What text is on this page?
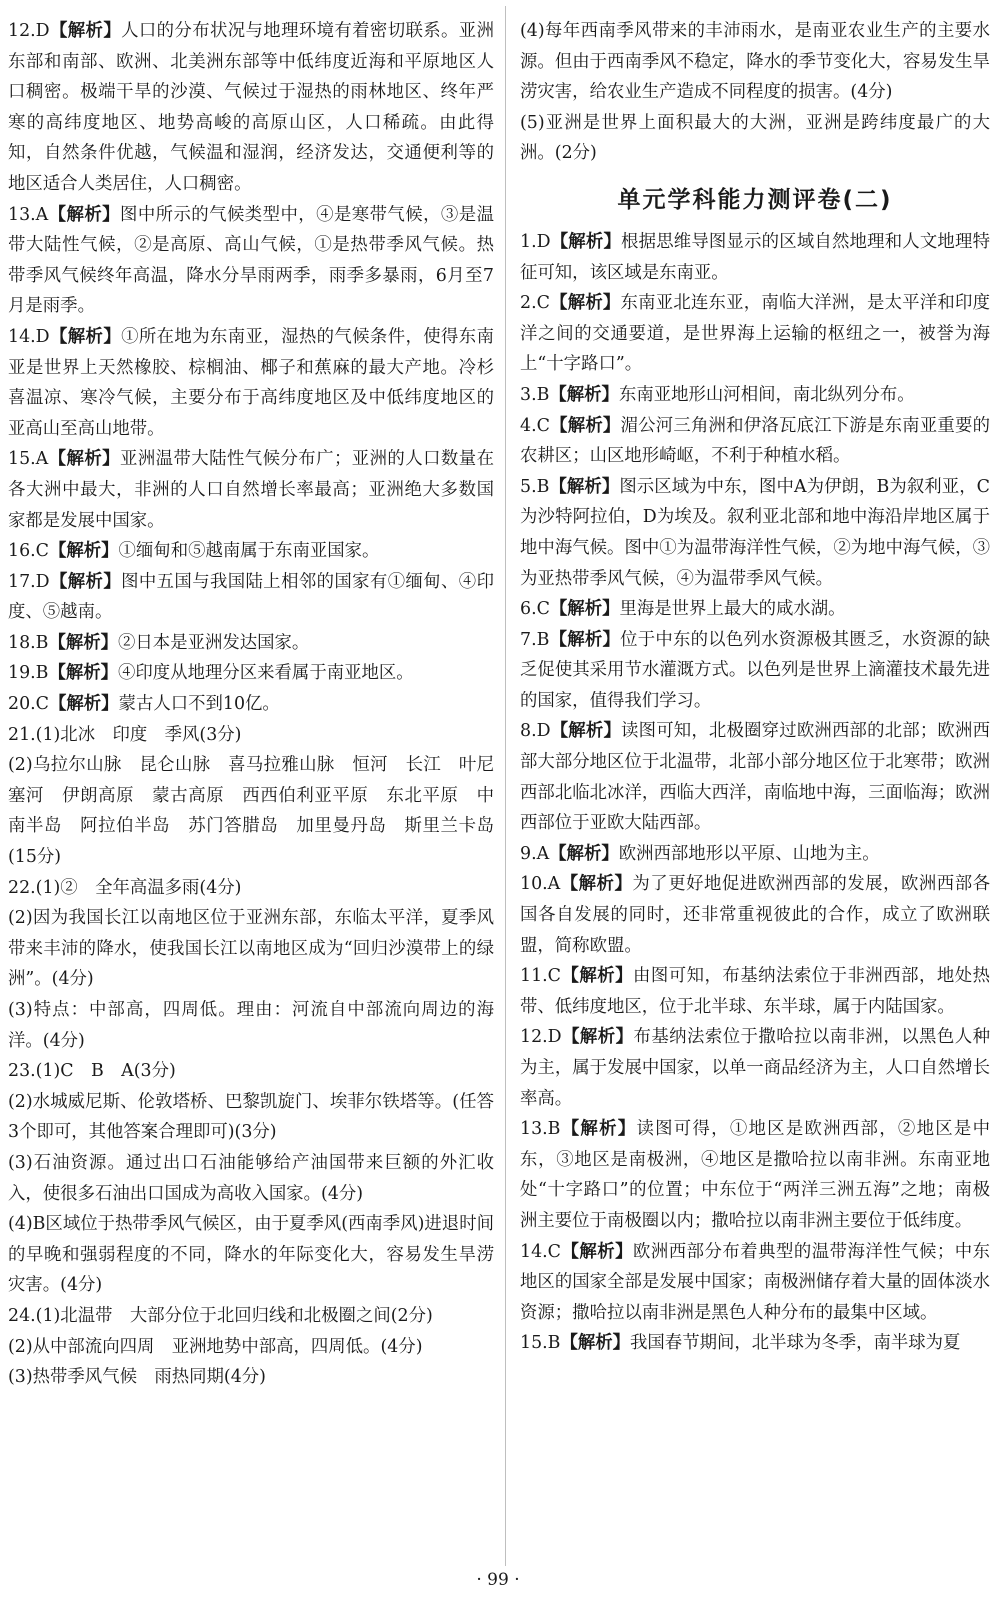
12.D【解析】人口的分布状况与地理环境有着密切联系。亚洲东部和南部、欧洲、北美洲东部等中低纬度近海和平原地区人口稠密。极端干旱的沙漠、气候过于湿热的雨林地区、终年严寒的高纬度地区、地势高峻的高原山区，人口稀疏。由此得知，自然条件优越，气候温和湿润，经济发达，交通便利等的地区适合人类居住，人口稠密。

13.A【解析】图中所示的气候类型中，④是寒带气候，③是温带大陆性气候，②是高原、高山气候，①是热带季风气候。热带季风气候终年高温，降水分旱雨两季，雨季多暴雨，6月至7月是雨季。

14.D【解析】①所在地为东南亚，湿热的气候条件，使得东南亚是世界上天然橡胶、棕榈油、椰子和蕉麻的最大产地。冷杉喜温凉、寒冷气候，主要分布于高纬度地区及中低纬度地区的亚高山至高山地带。

15.A【解析】亚洲温带大陆性气候分布广；亚洲的人口数量在各大洲中最大，非洲的人口自然增长率最高；亚洲绝大多数国家都是发展中国家。

16.C【解析】①缅甸和⑤越南属于东南亚国家。

17.D【解析】图中五国与我国陆上相邻的国家有①缅甸、④印度、⑤越南。

18.B【解析】②日本是亚洲发达国家。

19.B【解析】④印度从地理分区来看属于南亚地区。

20.C【解析】蒙古人口不到10亿。

21.(1)北冰　印度　季风(3分)

(2)乌拉尔山脉　昆仑山脉　喜马拉雅山脉　恒河　长江　叶尼塞河　伊朗高原　蒙古高原　西西伯利亚平原　东北平原　中南半岛　阿拉伯半岛　苏门答腊岛　加里曼丹岛　斯里兰卡岛(15分)

22.(1)②　全年高温多雨(4分)

(2)因为我国长江以南地区位于亚洲东部，东临太平洋，夏季风带来丰沛的降水，使我国长江以南地区成为“回归沙漠带上的绿洲”。(4分)

(3)特点：中部高，四周低。理由：河流自中部流向周边的海洋。(4分)

23.(1)C　B　A(3分)

(2)水城威尼斯、伦敦塔桥、巴黎凯旋门、埃菲尔铁塔等。(任答3个即可，其他答案合理即可)(3分)

(3)石油资源。通过出口石油能够给产油国带来巨额的外汇收入，使很多石油出口国成为高收入国家。(4分)

(4)B区域位于热带季风气候区，由于夏季风(西南季风)进退时间的早晚和强弱程度的不同，降水的年际变化大，容易发生旱涝灾害。(4分)

24.(1)北温带　大部分位于北回归线和北极圈之间(2分)

(2)从中部流向四周　亚洲地势中部高，四周低。(4分)

(3)热带季风气候　雨热同期(4分)

(4)每年西南季风带来的丰沛雨水，是南亚农业生产的主要水源。但由于西南季风不稳定，降水的季节变化大，容易发生旱涝灾害，给农业生产造成不同程度的损害。(4分)

(5)亚洲是世界上面积最大的大洲，亚洲是跨纬度最广的大洲。(2分)

单元学科能力测评卷(二)

1.D【解析】根据思维导图显示的区域自然地理和人文地理特征可知，该区域是东南亚。

2.C【解析】东南亚北连东亚，南临大洋洲，是太平洋和印度洋之间的交通要道，是世界海上运输的枢纽之一，被誉为海上“十字路口”。

3.B【解析】东南亚地形山河相间，南北纵列分布。

4.C【解析】湄公河三角洲和伊洛瓦底江下游是东南亚重要的农耕区；山区地形崎岖，不利于种植水稻。

5.B【解析】图示区域为中东，图中A为伊朗，B为叙利亚，C为沙特阿拉伯，D为埃及。叙利亚北部和地中海沿岸地区属于地中海气候。图中①为温带海洋性气候，②为地中海气候，③为亚热带季风气候，④为温带季风气候。

6.C【解析】里海是世界上最大的咸水湖。

7.B【解析】位于中东的以色列水资源极其匮乏，水资源的缺乏促使其采用节水灌溉方式。以色列是世界上滴灌技术最先进的国家，值得我们学习。

8.D【解析】读图可知，北极圈穿过欧洲西部的北部；欧洲西部大部分地区位于北温带，北部小部分地区位于北寒带；欧洲西部北临北冰洋，西临大西洋，南临地中海，三面临海；欧洲西部位于亚欧大陆西部。

9.A【解析】欧洲西部地形以平原、山地为主。

10.A【解析】为了更好地促进欧洲西部的发展，欧洲西部各国各自发展的同时，还非常重视彼此的合作，成立了欧洲联盟，简称欧盟。

11.C【解析】由图可知，布基纳法索位于非洲西部，地处热带、低纬度地区，位于北半球、东半球，属于内陆国家。

12.D【解析】布基纳法索位于撒哈拉以南非洲，以黑色人种为主，属于发展中国家，以单一商品经济为主，人口自然增长率高。

13.B【解析】读图可得，①地区是欧洲西部，②地区是中东，③地区是南极洲，④地区是撒哈拉以南非洲。东南亚地处“十字路口”的位置；中东位于“两洋三洲五海”之地；南极洲主要位于南极圈以内；撒哈拉以南非洲主要位于低纬度。

14.C【解析】欧洲西部分布着典型的温带海洋性气候；中东地区的国家全部是发展中国家；南极洲储存着大量的固体淡水资源；撒哈拉以南非洲是黑色人种分布的最集中区域。

15.B【解析】我国春节期间，北半球为冬季，南半球为夏

· 99 ·
